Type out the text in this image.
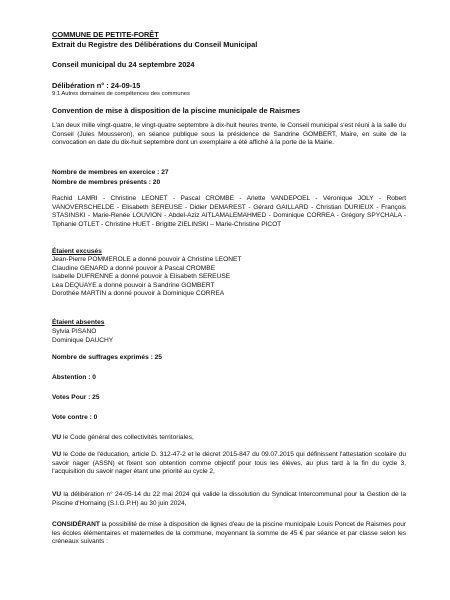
COMMUNE DE PETITE-FORÊT

Extrait du Registre des Délibérations du Conseil Municipal

Conseil municipal du 24 septembre 2024

Délibération n° : 24-09-15

9.1 Autres domaines de compétences des communes

Convention de mise à disposition de la piscine municipale de Raismes

L'an deux mille vingt-quatre, le vingt-quatre septembre à dix-huit heures trente, le Conseil municipal s'est réuni à la salle du Conseil (Jules Mousseron), en séance publique sous la présidence de Sandrine GOMBERT, Maire, en suite de la convocation en date du dix-huit septembre dont un exemplaire a été affiché à la porte de la Mairie.

Nombre de membres en exercice : 27

Nombre de membres présents : 20

Rachid LAMRI - Christine LEONET - Pascal CROMBE - Arlette VANDEPOEL - Véronique JOLY - Robert VANOVERSCHELDE - Elisabeth SEREUSE - Didier DEMAREST - Gérard GAILLARD - Christian DURIEUX - François STASINSKI - Marie-Renée LOUVION - Abdel-Aziz AITLAMALEMAHMED - Dominique CORREA - Grégory SPYCHALA - Tiphanie OTLET - Christine HUET - Brigitte ZIELINSKI – Marie-Christine PICOT

Étaient excusés

Jean-Pierre POMMEROLE a donné pouvoir à Christine LEONET
Claudine GENARD a donné pouvoir à Pascal CROMBE
Isabelle DUFRENNE a donné pouvoir à Elisabeth SEREUSE
Léa DEQUAYE a donné pouvoir à Sandrine GOMBERT
Dorothée MARTIN a donné pouvoir à Dominique CORREA

Étaient absentes

Sylvia PISANO
Dominique DAUCHY

Nombre de suffrages exprimés : 25

Abstention : 0

Votes Pour : 25

Vote contre : 0

VU le Code général des collectivités territoriales,

VU le Code de l'éducation, article D. 312-47-2 et le décret 2015-847 du 09.07.2015 qui définissent l'attestation scolaire du savoir nager (ASSN) et fixent son obtention comme objectif pour tous les élèves, au plus tard à la fin du cycle 3, l'acquisition du savoir nager étant une priorité au cycle 2,

VU la délibération n° 24-05-14 du 22 mai 2024 qui valide la dissolution du Syndicat Intercommunal pour la Gestion de la Piscine d'Hornaing (S.I.G.P.H) au 30 juin 2024,

CONSIDÉRANT la possibilité de mise à disposition de lignes d'eau de la piscine municipale Louis Poncet de Raismes pour les écoles élémentaires et maternelles de la commune, moyennant la somme de 45 € par séance et par classe selon les créneaux suivants :
